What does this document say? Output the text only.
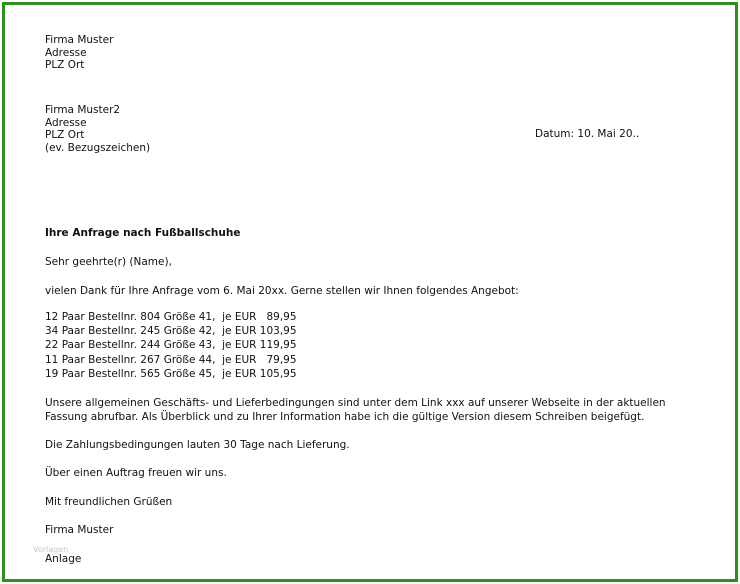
Firma Muster
Adresse
PLZ Ort
Firma Muster2
Adresse
PLZ Ort
(ev. Bezugszeichen)
Datum: 10. Mai 20..
Ihre Anfrage nach Fußballschuhe
Sehr geehrte(r) (Name),
vielen Dank für Ihre Anfrage vom 6. Mai 20xx. Gerne stellen wir Ihnen folgendes Angebot:
12 Paar Bestellnr. 804 Größe 41,  je EUR   89,95
34 Paar Bestellnr. 245 Größe 42,  je EUR 103,95
22 Paar Bestellnr. 244 Größe 43,  je EUR 119,95
11 Paar Bestellnr. 267 Größe 44,  je EUR   79,95
19 Paar Bestellnr. 565 Größe 45,  je EUR 105,95
Unsere allgemeinen Geschäfts- und Lieferbedingungen sind unter dem Link xxx auf unserer Webseite in der aktuellen
Fassung abrufbar. Als Überblick und zu Ihrer Information habe ich die gültige Version diesem Schreiben beigefügt.
Die Zahlungsbedingungen lauten 30 Tage nach Lieferung.
Über einen Auftrag freuen wir uns.
Mit freundlichen Grüßen
Firma Muster
Vorlagen
Anlage
